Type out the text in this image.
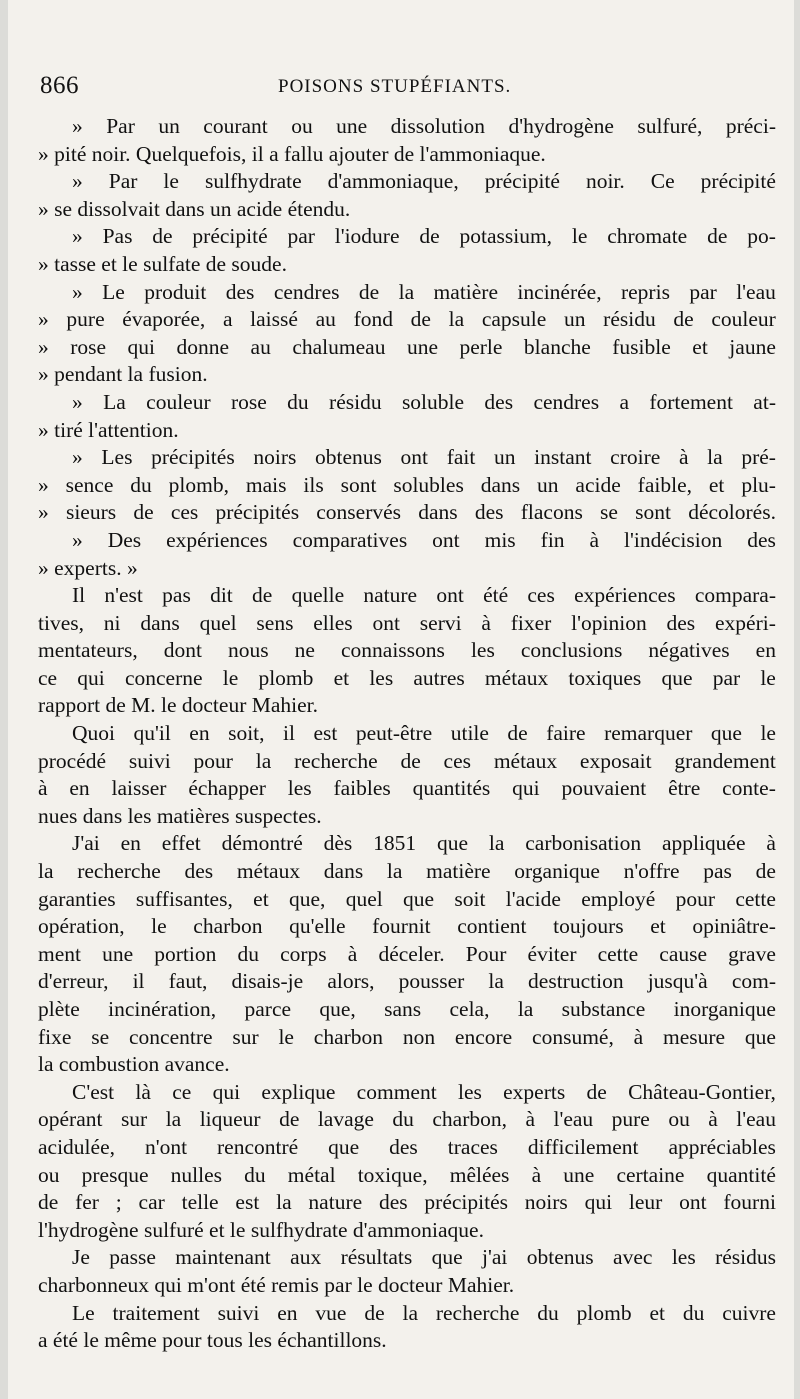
866	POISONS STUPÉFIANTS.
» Par un courant ou une dissolution d'hydrogène sulfuré, préci-
» pité noir. Quelquefois, il a fallu ajouter de l'ammoniaque.
» Par le sulfhydrate d'ammoniaque, précipité noir. Ce précipité
» se dissolvait dans un acide étendu.
» Pas de précipité par l'iodure de potassium, le chromate de po-
» tasse et le sulfate de soude.
» Le produit des cendres de la matière incinérée, repris par l'eau
» pure évaporée, a laissé au fond de la capsule un résidu de couleur
» rose qui donne au chalumeau une perle blanche fusible et jaune
» pendant la fusion.
» La couleur rose du résidu soluble des cendres a fortement at-
» tiré l'attention.
» Les précipités noirs obtenus ont fait un instant croire à la pré-
» sence du plomb, mais ils sont solubles dans un acide faible, et plu-
» sieurs de ces précipités conservés dans des flacons se sont décolorés.
» Des expériences comparatives ont mis fin à l'indécision des
» experts. »
Il n'est pas dit de quelle nature ont été ces expériences compara-
tives, ni dans quel sens elles ont servi à fixer l'opinion des expéri-
mentateurs, dont nous ne connaissons les conclusions négatives en
ce qui concerne le plomb et les autres métaux toxiques que par le
rapport de M. le docteur Mahier.
Quoi qu'il en soit, il est peut-être utile de faire remarquer que le
procédé suivi pour la recherche de ces métaux exposait grandement
à en laisser échapper les faibles quantités qui pouvaient être conte-
nues dans les matières suspectes.
J'ai en effet démontré dès 1851 que la carbonisation appliquée à
la recherche des métaux dans la matière organique n'offre pas de
garanties suffisantes, et que, quel que soit l'acide employé pour cette
opération, le charbon qu'elle fournit contient toujours et opiniâtre-
ment une portion du corps à déceler. Pour éviter cette cause grave
d'erreur, il faut, disais-je alors, pousser la destruction jusqu'à com-
plète incinération, parce que, sans cela, la substance inorganique
fixe se concentre sur le charbon non encore consumé, à mesure que
la combustion avance.
C'est là ce qui explique comment les experts de Château-Gontier,
opérant sur la liqueur de lavage du charbon, à l'eau pure ou à l'eau
acidulée, n'ont rencontré que des traces difficilement appréciables
ou presque nulles du métal toxique, mêlées à une certaine quantité
de fer ; car telle est la nature des précipités noirs qui leur ont fourni
l'hydrogène sulfuré et le sulfhydrate d'ammoniaque.
Je passe maintenant aux résultats que j'ai obtenus avec les résidus
charbonneux qui m'ont été remis par le docteur Mahier.
Le traitement suivi en vue de la recherche du plomb et du cuivre
a été le même pour tous les échantillons.
